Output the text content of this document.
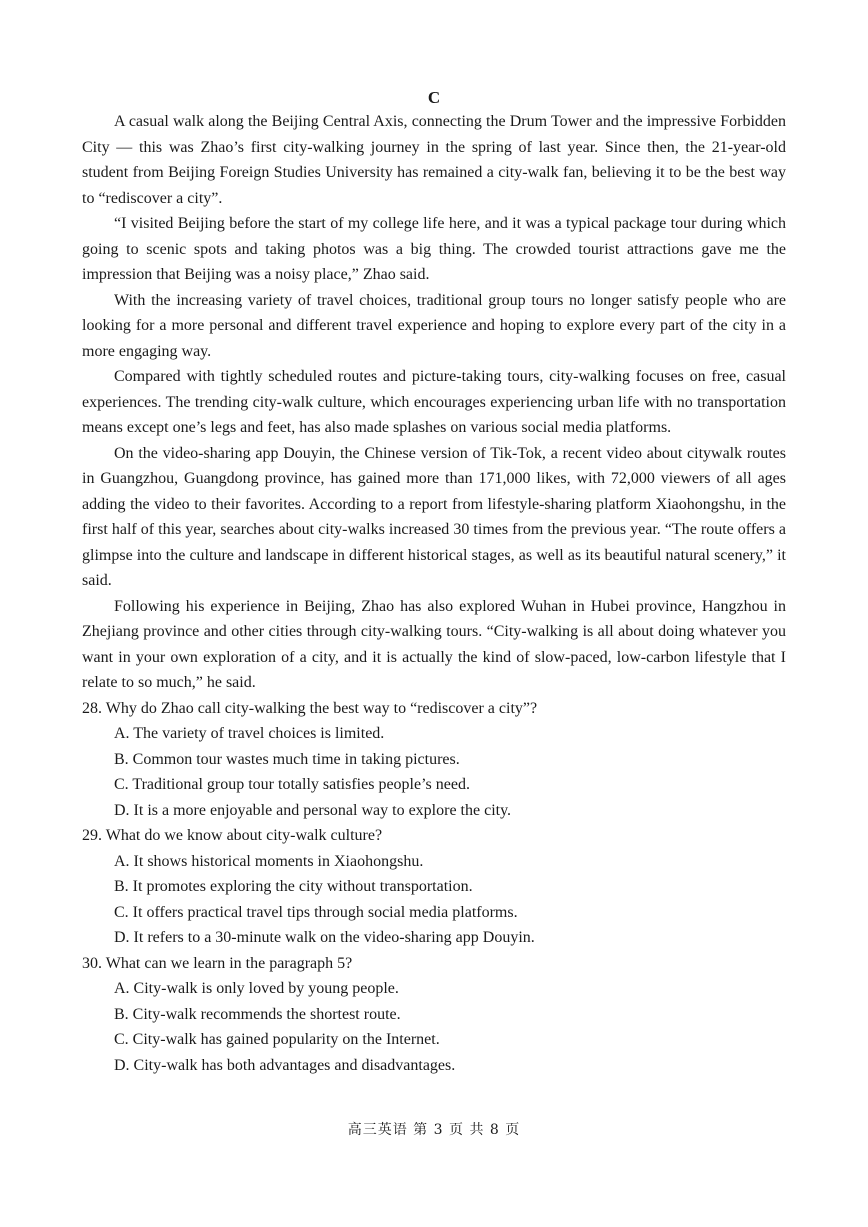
C

A casual walk along the Beijing Central Axis, connecting the Drum Tower and the impressive Forbidden City — this was Zhao’s first city-walking journey in the spring of last year. Since then, the 21-year-old student from Beijing Foreign Studies University has remained a city-walk fan, believing it to be the best way to “rediscover a city”.

“I visited Beijing before the start of my college life here, and it was a typical package tour during which going to scenic spots and taking photos was a big thing. The crowded tourist attractions gave me the impression that Beijing was a noisy place,” Zhao said.

With the increasing variety of travel choices, traditional group tours no longer satisfy people who are looking for a more personal and different travel experience and hoping to explore every part of the city in a more engaging way.

Compared with tightly scheduled routes and picture-taking tours, city-walking focuses on free, casual experiences. The trending city-walk culture, which encourages experiencing urban life with no transportation means except one’s legs and feet, has also made splashes on various social media platforms.

On the video-sharing app Douyin, the Chinese version of Tik-Tok, a recent video about citywalk routes in Guangzhou, Guangdong province, has gained more than 171,000 likes, with 72,000 viewers of all ages adding the video to their favorites. According to a report from lifestyle-sharing platform Xiaohongshu, in the first half of this year, searches about city-walks increased 30 times from the previous year. “The route offers a glimpse into the culture and landscape in different historical stages, as well as its beautiful natural scenery,” it said.

Following his experience in Beijing, Zhao has also explored Wuhan in Hubei province, Hangzhou in Zhejiang province and other cities through city-walking tours. “City-walking is all about doing whatever you want in your own exploration of a city, and it is actually the kind of slow-paced, low-carbon lifestyle that I relate to so much,” he said.

28. Why do Zhao call city-walking the best way to “rediscover a city”?

A. The variety of travel choices is limited.

B. Common tour wastes much time in taking pictures.

C. Traditional group tour totally satisfies people’s need.

D. It is a more enjoyable and personal way to explore the city.

29. What do we know about city-walk culture?

A. It shows historical moments in Xiaohongshu.

B. It promotes exploring the city without transportation.

C. It offers practical travel tips through social media platforms.

D. It refers to a 30-minute walk on the video-sharing app Douyin.

30. What can we learn in the paragraph 5?

A. City-walk is only loved by young people.

B. City-walk recommends the shortest route.

C. City-walk has gained popularity on the Internet.

D. City-walk has both advantages and disadvantages.

高三英语 第 3 页 共 8 页
